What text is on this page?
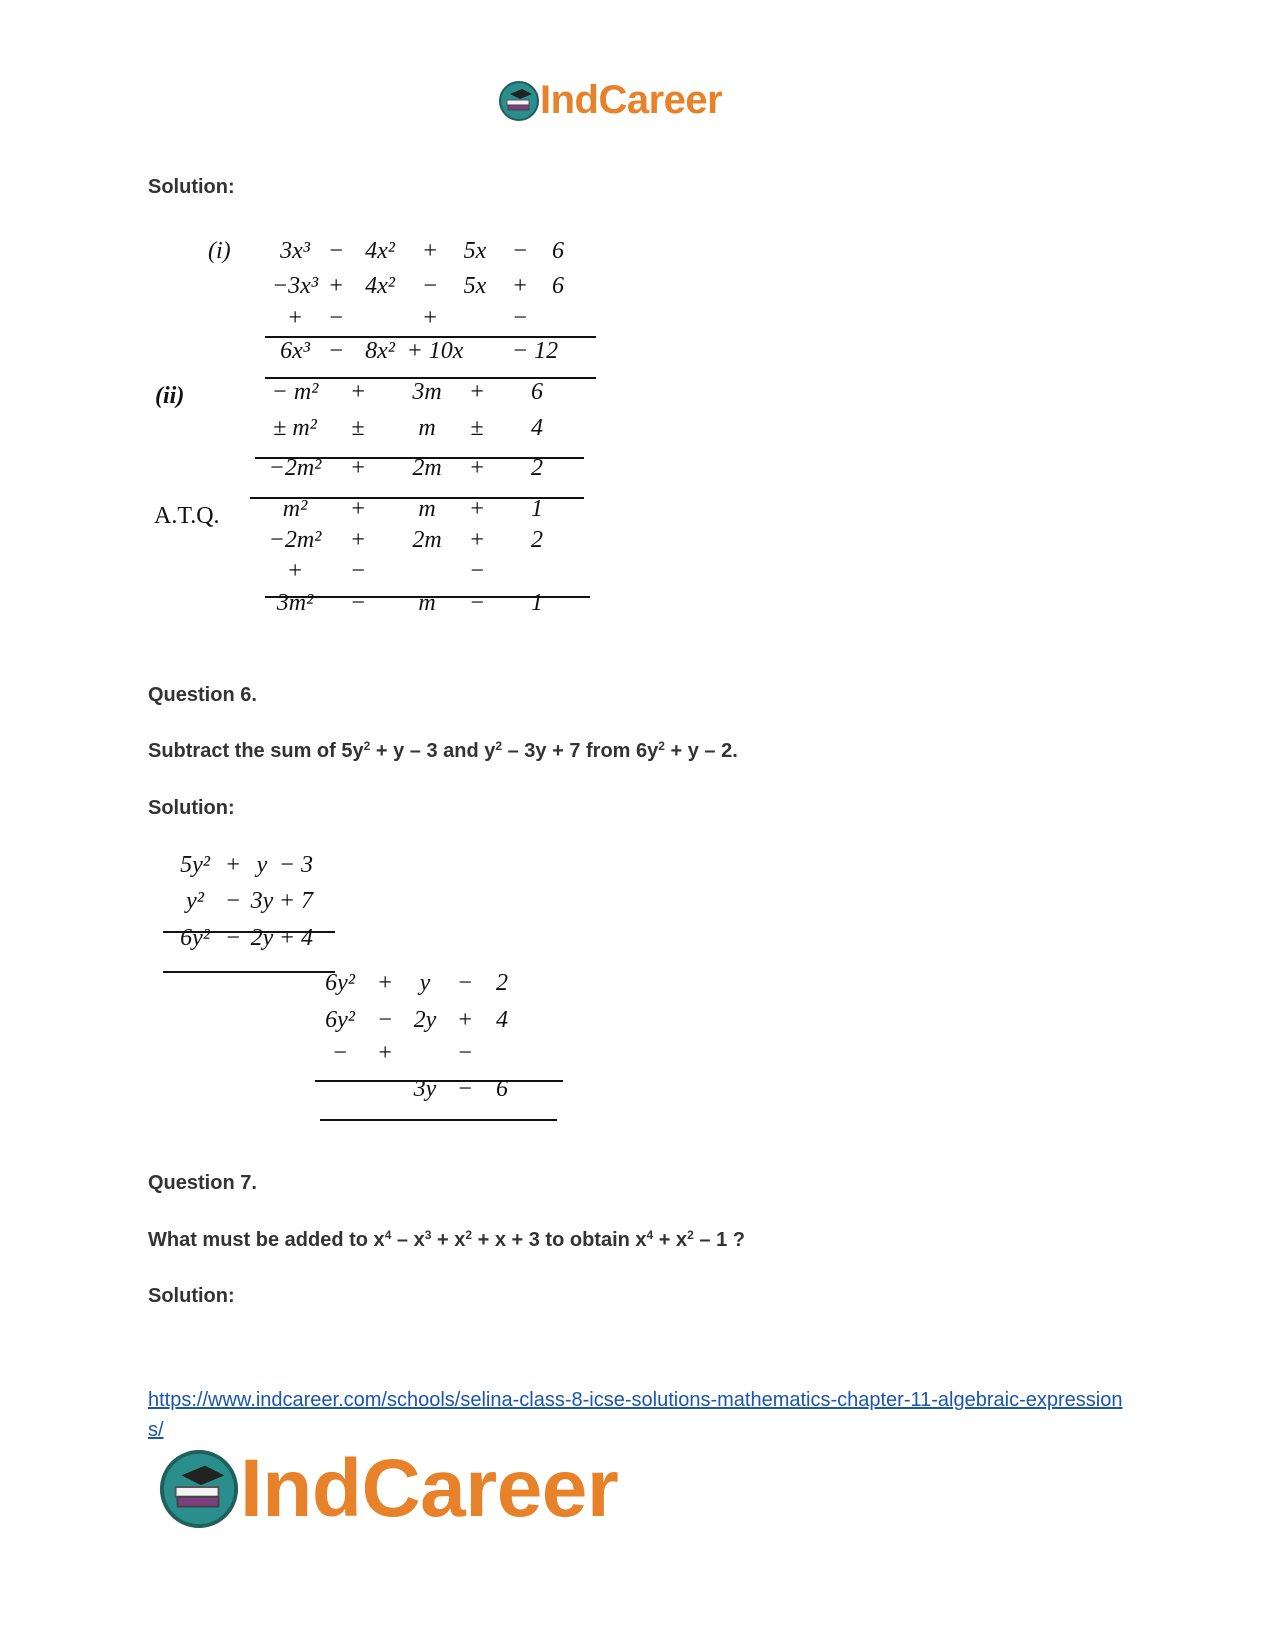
IndCareer
Solution:
(i)
(ii)
A.T.Q.
3x³ − 4x² + 5x − 6
−3x³ + 4x² − 5x + 6
+ −	+	−
6x³ − 8x² + 10x − 12
− m² + 3m + 6
± m² ± m ± 4
−2m² + 2m + 2
m² + m + 1
−2m² + 2m + 2
+ −	−
3m² − m − 1
Question 6.
Subtract the sum of $5y^2 + y - 3$ and $y^2 - 3y + 7$ from $6y^2 + y - 2$.
Solution:
5y² + y − 3
y² − 3y + 7
6y² − 2y + 4
6y² + y − 2
6y² − 2y + 4
− +	−
3y − 6
Question 7.
What must be added to $x^4 - x^3 + x^2 + x + 3$ to obtain $x^4 + x^2 - 1$ ?
Solution:
https://www.indcareer.com/schools/selina-class-8-icse-solutions-mathematics-chapter-11-algebraic-expressions/
IndCareer
